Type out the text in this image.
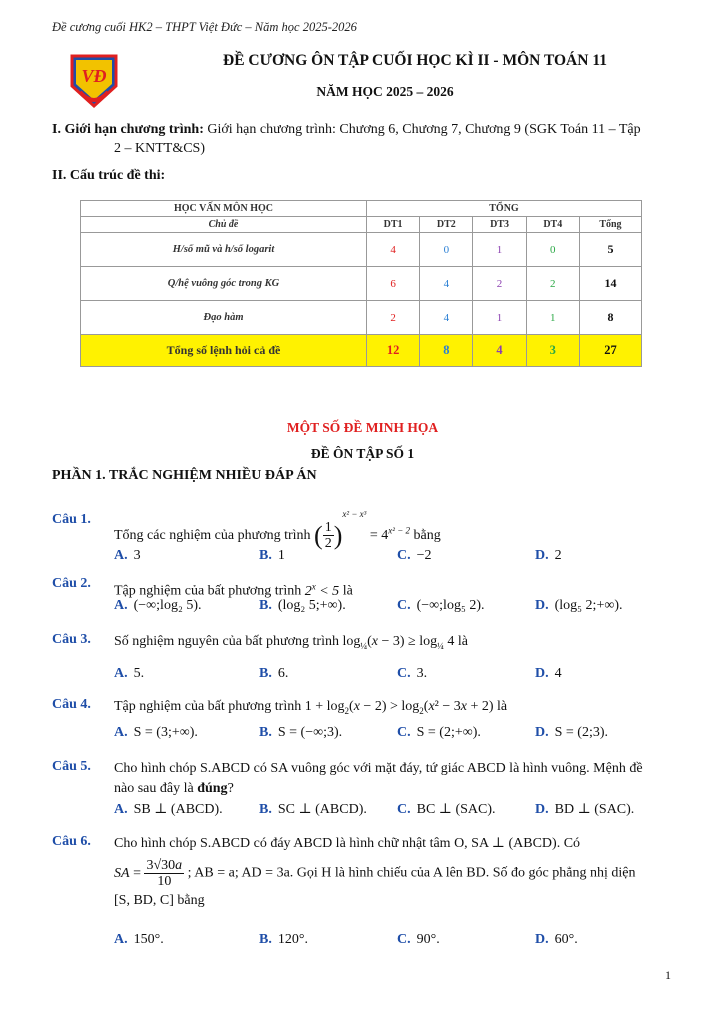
Đề cương cuối HK2 – THPT Việt Đức – Năm học 2025-2026
VĐ
ĐỀ CƯƠNG ÔN TẬP CUỐI HỌC KÌ II - MÔN TOÁN 11
NĂM HỌC 2025 – 2026
I. Giới hạn chương trình: Giới hạn chương trình: Chương 6, Chương 7, Chương 9 (SGK Toán 11 – Tập
2 – KNTT&CS)
II. Cấu trúc đề thi:
HỌC VẤN MÔN HỌC	TỔNG				
Chủ đề	DT1	DT2	DT3	DT4	Tổng
H/số mũ và h/số logarit	4	0	1	0	5
Q/hệ vuông góc trong KG	6	4	2	2	14
Đạo hàm	2	4	1	1	8
Tổng số lệnh hỏi cả đề	12	8	4	3	27
MỘT SỐ ĐỀ MINH HỌA
ĐỀ ÔN TẬP SỐ 1
PHẦN 1. TRẮC NGHIỆM NHIỀU ĐÁP ÁN
Câu 1.
Tổng các nghiệm của phương trình ( $\frac{1}{2} )^{x^2 - x^3} = 4^{x^2 - 2}$ bằng
A. 3	B. 1	C. −2	D. 2
Câu 2.
Tập nghiệm của bất phương trình $2^x < 5$ là
A. (−∞;log₂ 5).	B. (log₂ 5;+∞).	C. (−∞;log₅ 2).	D. (log₅ 2;+∞).
Câu 3. Số nghiệm nguyên của bất phương trình $\log_{\frac{1}{4}}(x - 3) \ge \log_{\frac{1}{4}} 4$ là
A. 5.	B. 6.	C. 3.	D. 4
Câu 4. Tập nghiệm của bất phương trình $1 + \log_2(x - 2) > \log_2(x^2 - 3x + 2)$ là
A. S = (3;+∞).	B. S = (−∞;3).	C. S = (2;+∞).	D. S = (2;3).
Câu 5. Cho hình chóp S.ABCD có SA vuông góc với mặt đáy, tứ giác ABCD là hình vuông. Mệnh đề
nào sau đây là đúng?
A. SB ⊥ (ABCD).	B. SC ⊥ (ABCD). C. BC ⊥ (SAC).	D. BD ⊥ (SAC).
Câu 6. Cho hình chóp S.ABCD có đáy ABCD là hình chữ nhật tâm O, SA ⊥ (ABCD). Có
SA = $\frac{3√30a}{10}$ ; AB = a; AD = 3a. Gọi H là hình chiếu của A lên BD. Số đo góc phẳng nhị diện
[S, BD, C] bằng
A. 150°.	B. 120°.	C. 90°.	D. 60°.
1
